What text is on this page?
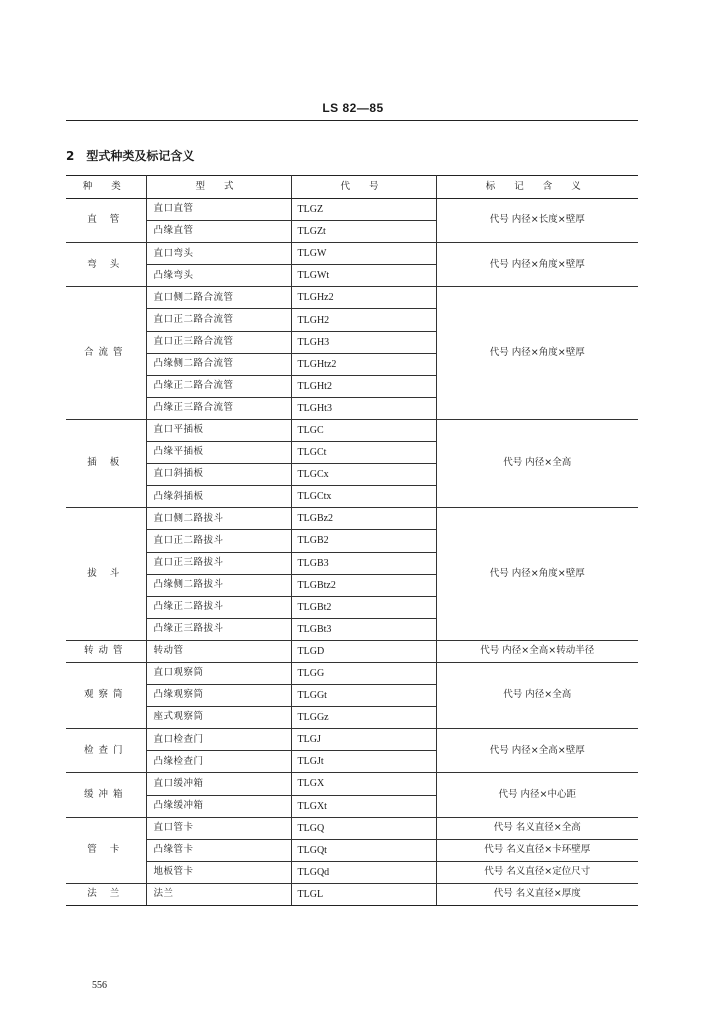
LS 82—85
2 型式种类及标记含义
种 类	型 式	代 号	标 记 含 义
直 管	直口直管	TLGZ	代号 内径×长度×壁厚
	凸缘直管	TLGZt	
弯 头	直口弯头	TLGW	代号 内径×角度×壁厚
	凸缘弯头	TLGWt	
合流管	直口侧二路合流管	TLGHz2	代号 内径×角度×壁厚
	直口正二路合流管	TLGH2	
	直口正三路合流管	TLGH3	
	凸缘侧二路合流管	TLGHtz2	
	凸缘正二路合流管	TLGHt2	
	凸缘正三路合流管	TLGHt3	
插 板	直口平插板	TLGC	代号 内径×全高
	凸缘平插板	TLGCt	
	直口斜插板	TLGCx	
	凸缘斜插板	TLGCtx	
拔 斗	直口侧二路拔斗	TLGBz2	代号 内径×角度×壁厚
	直口正二路拔斗	TLGB2	
	直口正三路拔斗	TLGB3	
	凸缘侧二路拔斗	TLGBtz2	
	凸缘正二路拔斗	TLGBt2	
	凸缘正三路拔斗	TLGBt3	
转动管	转动管	TLGD	代号 内径×全高×转动半径
观察筒	直口观察筒	TLGG	代号 内径×全高
	凸缘观察筒	TLGGt	
	座式观察筒	TLGGz	
检查门	直口检查门	TLGJ	代号 内径×全高×壁厚
	凸缘检查门	TLGJt	
缓冲箱	直口缓冲箱	TLGX	代号 内径×中心距
	凸缘缓冲箱	TLGXt	
管 卡	直口管卡	TLGQ	代号 名义直径×全高
	凸缘管卡	TLGQt	代号 名义直径×卡环壁厚
	地板管卡	TLGQd	代号 名义直径×定位尺寸
法 兰	法兰	TLGL	代号 名义直径×厚度
556
